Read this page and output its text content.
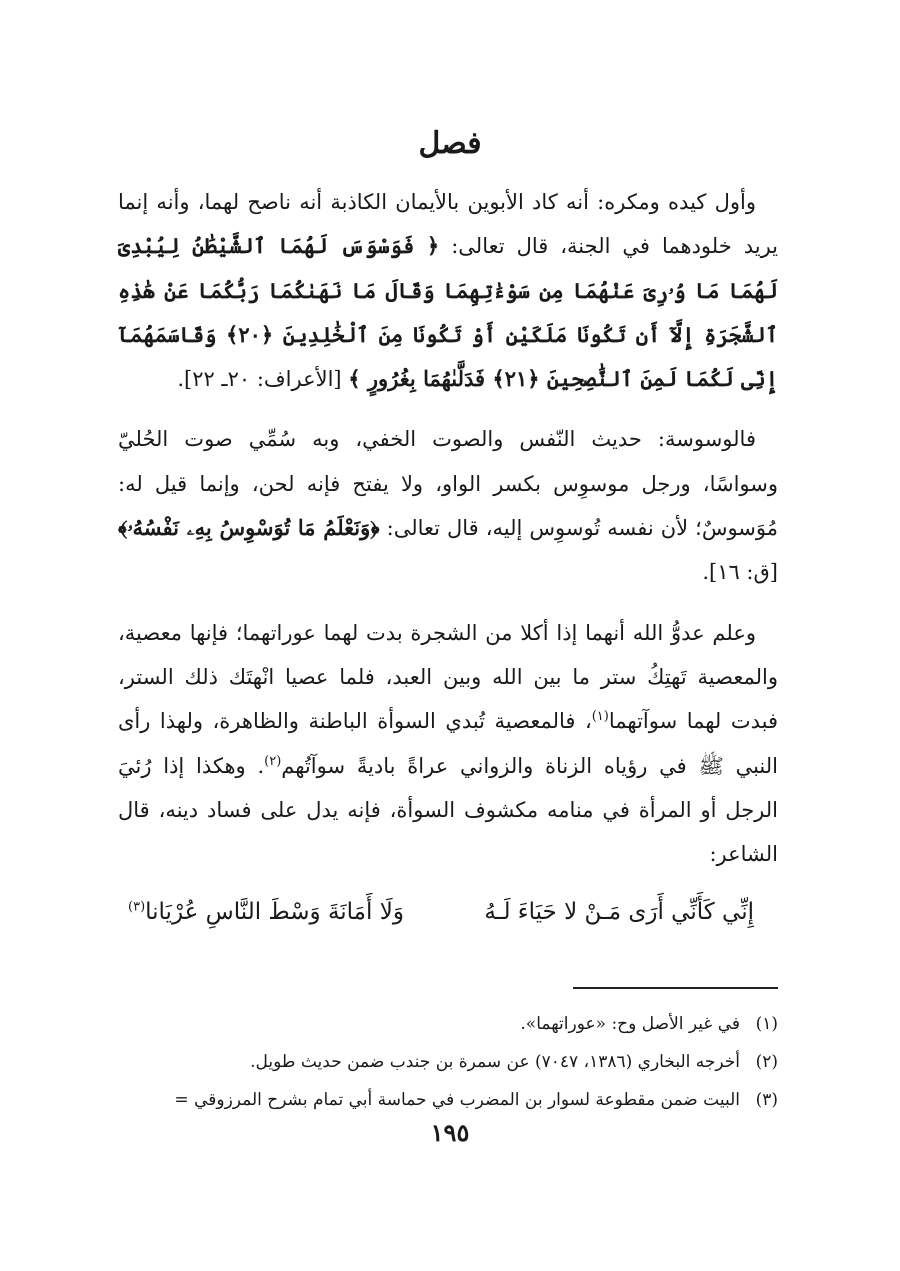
فصل

وأول كيده ومكره: أنه كاد الأبوين بالأيمان الكاذبة أنه ناصح لهما، وأنه إنما يريد خلودهما في الجنة، قال تعالى: ﴿ فَوَسْوَسَ لَهُمَا ٱلشَّيْطَٰنُ لِيُبْدِىَ لَهُمَا مَا وُۥرِىَ عَنْهُمَا مِن سَوْءَٰتِهِمَا وَقَالَ مَا نَهَىٰكُمَا رَبُّكُمَا عَنْ هَٰذِهِ ٱلشَّجَرَةِ إِلَّآ أَن تَكُونَا مَلَكَيْنِ أَوْ تَكُونَا مِنَ ٱلْخَٰلِدِينَ ﴿٢٠﴾ وَقَاسَمَهُمَآ إِنِّى لَكُمَا لَمِنَ ٱلنَّٰصِحِينَ ﴿٢١﴾ فَدَلَّىٰهُمَا بِغُرُورٍ ﴾ [الأعراف: ٢٠ـ ٢٢].

فالوسوسة: حديث النّفس والصوت الخفي، وبه سُمِّي صوت الحُليّ وسواسًا، ورجل موسوِس بكسر الواو، ولا يفتح فإنه لحن، وإنما قيل له: مُوَسوسٌ؛ لأن نفسه تُوسوِس إليه، قال تعالى: ﴿وَنَعْلَمُ مَا تُوَسْوِسُ بِهِۦ نَفْسُهُۥ﴾ [ق: ١٦].

وعلم عدوُّ الله أنهما إذا أكلا من الشجرة بدت لهما عوراتهما؛ فإنها معصية، والمعصية تَهتِكُ ستر ما بين الله وبين العبد، فلما عصيا انْهتَك ذلك الستر، فبدت لهما سوآتهما$^{(١)}$، فالمعصية تُبدي السوأة الباطنة والظاهرة، ولهذا رأى النبي ﷺ في رؤياه الزناة والزواني عراةً باديةً سوآتُهم$^{(٢)}$. وهكذا إذا رُئيَ الرجل أو المرأة في منامه مكشوف السوأة، فإنه يدل على فساد دينه، قال الشاعر:

إِنِّي كَأَنِّي أَرَى مَـنْ لا حَيَاءَ لَـهُ
وَلَا أَمَانَةَ وَسْطَ النَّاسِ عُرْيَانا$^{(٣)}$
(١)
في غير الأصل وح: «عوراتهما».
(٢)
أخرجه البخاري (١٣٨٦، ٧٠٤٧) عن سمرة بن جندب ضمن حديث طويل.
(٣)
البيت ضمن مقطوعة لسوار بن المضرب في حماسة أبي تمام بشرح المرزوقي =
١٩٥
